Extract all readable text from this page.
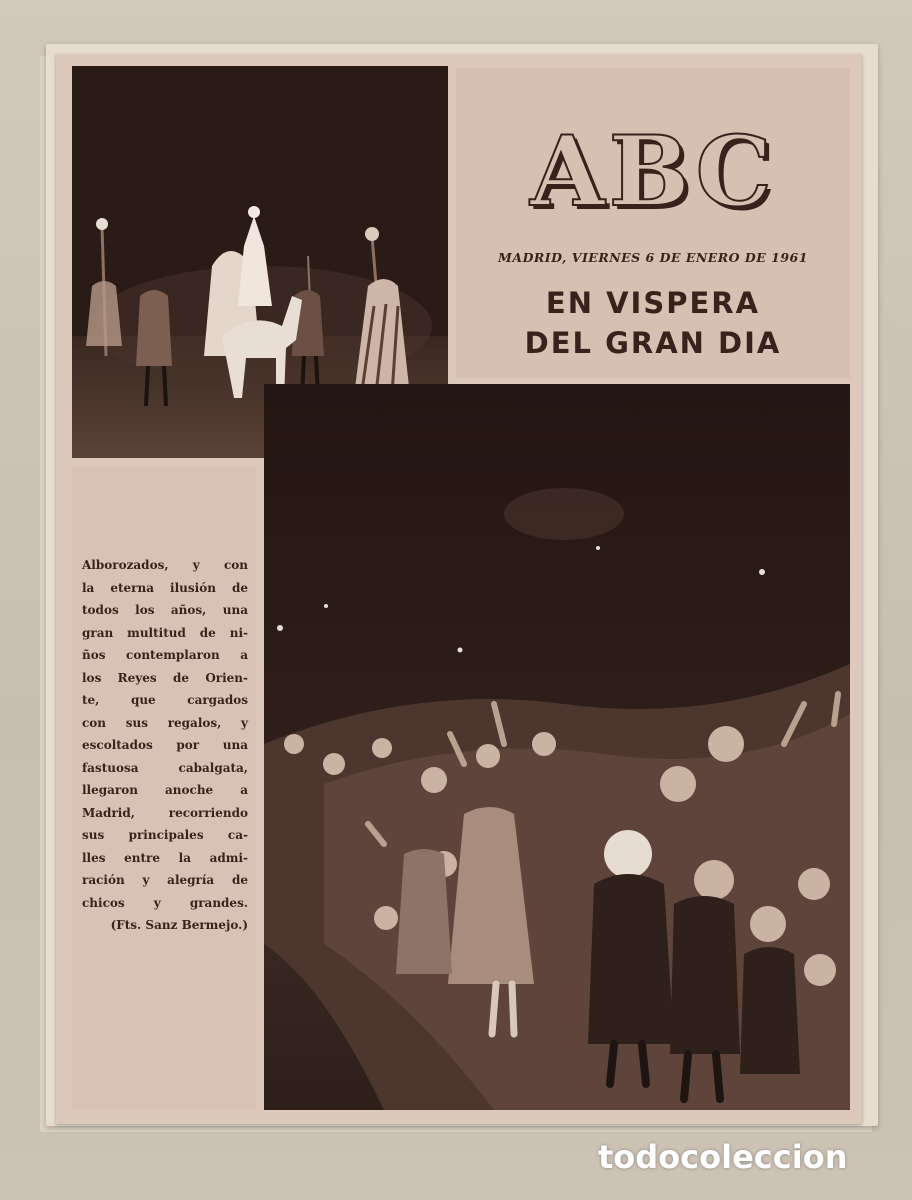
ABC
MADRID, VIERNES 6 DE ENERO DE 1961
EN VISPERA
DEL GRAN DIA

Alborozados, y con
la eterna ilusión de
todos los años, una
gran multitud de ni-
ños contemplaron a
los Reyes de Orien-
te, que cargados
con sus regalos, y
escoltados por una
fastuosa cabalgata,
llegaron anoche a
Madrid, recorriendo
sus principales ca-
lles entre la admi-
ración y alegría de
chicos y grandes.
(Fts. Sanz Bermejo.)

todocoleccion
